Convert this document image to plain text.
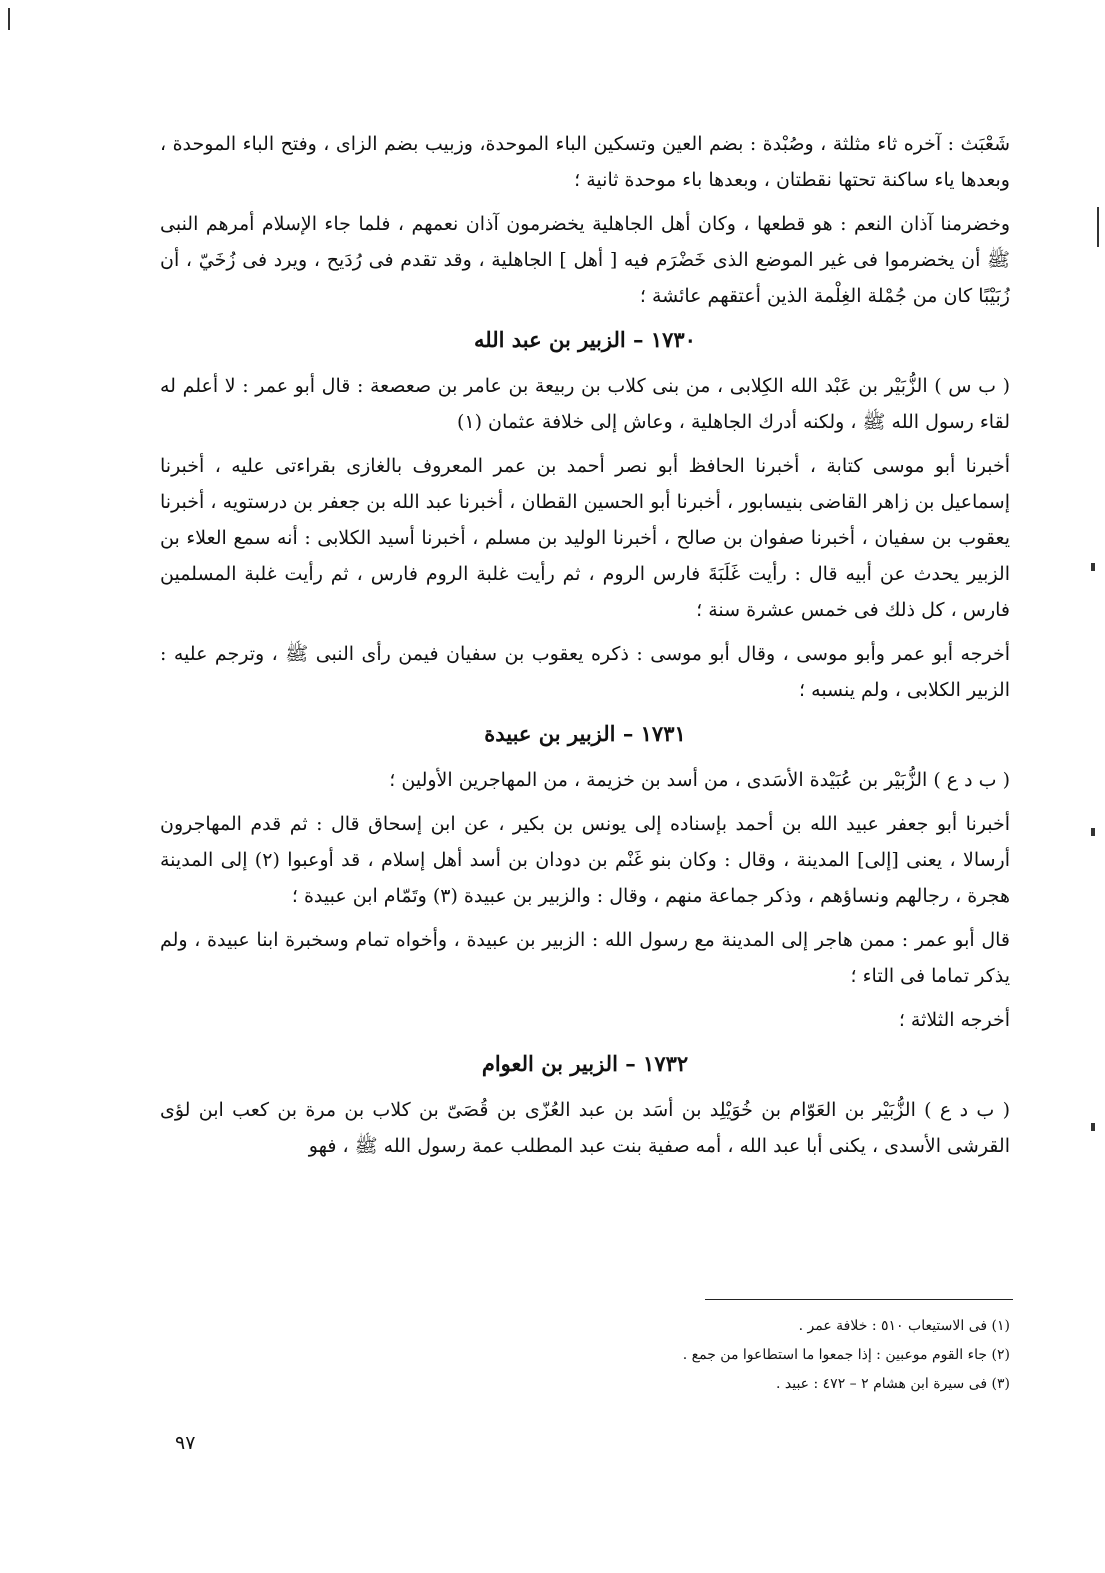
شَعْبَث : آخره ثاء مثلثة ، وصُبْدة : بضم العين وتسكين الباء الموحدة، وزبيب بضم الزاى ، وفتح الباء الموحدة ، وبعدها ياء ساكنة تحتها نقطتان ، وبعدها باء موحدة ثانية ؛

وخضرمنا آذان النعم : هو قطعها ، وكان أهل الجاهلية يخضرمون آذان نعمهم ، فلما جاء الإسلام أمرهم النبى ﷺ أن يخضرموا فى غير الموضع الذى خَضْرَم فيه [ أهل ] الجاهلية ، وقد تقدم فى رُدَيح ، ويرد فى زُخَيّ ، أن زُبَيْبًا كان من جُمْلة الغِلْمة الذين أعتقهم عائشة ؛

١٧٣٠ – الزبير بن عبد الله

( ب س ) الزُّبَيْر بن عَبْد الله الكِلابى ، من بنى كلاب بن ربيعة بن عامر بن صعصعة : قال أبو عمر : لا أعلم له لقاء رسول الله ﷺ ، ولكنه أدرك الجاهلية ، وعاش إلى خلافة عثمان (١)

أخبرنا أبو موسى كتابة ، أخبرنا الحافظ أبو نصر أحمد بن عمر المعروف بالغازى بقراءتى عليه ، أخبرنا إسماعيل بن زاهر القاضى بنيسابور ، أخبرنا أبو الحسين القطان ، أخبرنا عبد الله بن جعفر بن درستويه ، أخبرنا يعقوب بن سفيان ، أخبرنا صفوان بن صالح ، أخبرنا الوليد بن مسلم ، أخبرنا أسيد الكلابى : أنه سمع العلاء بن الزبير يحدث عن أبيه قال : رأيت غَلَبَةَ فارس الروم ، ثم رأيت غلبة الروم فارس ، ثم رأيت غلبة المسلمين فارس ، كل ذلك فى خمس عشرة سنة ؛

أخرجه أبو عمر وأبو موسى ، وقال أبو موسى : ذكره يعقوب بن سفيان فيمن رأى النبى ﷺ ، وترجم عليه : الزبير الكلابى ، ولم ينسبه ؛

١٧٣١ – الزبير بن عبيدة

( ب د ع ) الزُّبَيْر بن عُبَيْدة الأسَدى ، من أسد بن خزيمة ، من المهاجرين الأولين ؛

أخبرنا أبو جعفر عبيد الله بن أحمد بإسناده إلى يونس بن بكير ، عن ابن إسحاق قال : ثم قدم المهاجرون أرسالا ، يعنى [إلى] المدينة ، وقال : وكان بنو غَنْم بن دودان بن أسد أهل إسلام ، قد أوعبوا (٢) إلى المدينة هجرة ، رجالهم ونساؤهم ، وذكر جماعة منهم ، وقال : والزبير بن عبيدة (٣) وتَمّام ابن عبيدة ؛

قال أبو عمر : ممن هاجر إلى المدينة مع رسول الله : الزبير بن عبيدة ، وأخواه تمام وسخبرة ابنا عبيدة ، ولم يذكر تماما فى التاء ؛

أخرجه الثلاثة ؛

١٧٣٢ – الزبير بن العوام

( ب د ع ) الزُّبَيْر بن العَوّام بن خُوَيْلِد بن أسَد بن عبد العُزّى بن قُصَىّ بن كلاب بن مرة بن كعب ابن لؤى القرشى الأسدى ، يكنى أبا عبد الله ، أمه صفية بنت عبد المطلب عمة رسول الله ﷺ ، فهو

(١) فى الاستيعاب ٥١٠ : خلافة عمر .
(٢) جاء القوم موعبين : إذا جمعوا ما استطاعوا من جمع .
(٣) فى سيرة ابن هشام ٢ – ٤٧٢ : عبيد .
٩٧
